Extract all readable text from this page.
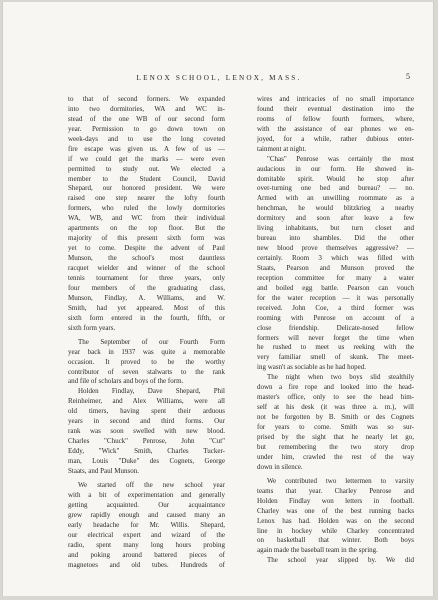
LENOX SCHOOL, LENOX, MASS.	5
to that of second formers. We expanded
into two dormitories, WA and WC in-
stead of the one WB of our second form
year. Permission to go down town on
week-days and to use the long coveted
fire escape was given us. A few of us —
if we could get the marks — were even
permitted to study out. We elected a
member to the Student Council, David
Shepard, our honored president. We were
raised one step nearer the lofty fourth
formers, who ruled the lowly dormitories
WA, WB, and WC from their individual
apartments on the top floor. But the
majority of this present sixth form was
yet to come. Despite the advent of Paul
Munson, the school's most dauntless
racquet wielder and winner of the school
tennis tournament for three years, only
four members of the graduating class,
Munson, Findlay, A. Williams, and W.
Smith, had yet appeared. Most of this
sixth form entered in the fourth, fifth, or
sixth form years.
The September of our Fourth Form
year back in 1937 was quite a memorable
occasion. It proved to be the worthy
contributor of seven stalwarts to the rank
and file of scholars and boys of the form.
Holden Findlay, Dave Shepard, Phil
Reinheimer, and Alex Williams, were all
old timers, having spent their arduous
years in second and third forms. Our
rank was soon swelled with new blood.
Charles "Chuck" Penrose, John "Cut"
Eddy, "Wick" Smith, Charles Tucker-
man, Louis "Duke" des Cognets, George
Staats, and Paul Munson.
We started off the new school year
with a bit of experimentation and generally
getting acquainted. Our acquaintance
grew rapidly enough and caused many an
early headache for Mr. Willis. Shepard,
our electrical expert and wizard of the
radio, spent many long hours probing
and poking around battered pieces of
magnetoes and old tubes. Hundreds of
wires and intricacies of no small importance
found their eventual destination into the
rooms of fellow fourth formers, where,
with the assistance of ear phones we en-
joyed, for a while, rather dubious enter-
tainment at night.
"Chas" Penrose was certainly the most
audacious in our form. He showed in-
domitable spirit. Would he stop after
over-turning one bed and bureau? — no.
Armed with an unwilling roommate as a
henchman, he would blitzkrieg a nearby
dormitory and soon after leave a few
living inhabitants, but turn closet and
bureau into shambles. Did the other
new blood prove themselves aggressive? —
certainly. Room 3 which was filled with
Staats, Pearson and Munson proved the
reception committee for many a water
and boiled egg battle. Pearson can vouch
for the water reception — it was personally
received. John Coe, a third former was
rooming with Penrose on account of a
close friendship. Delicate-nosed fellow
formers will never forget the time when
he rushed to meet us reeking with the
very familiar smell of skunk. The meet-
ing wasn't as sociable as he had hoped.
The night when two boys slid stealthily
down a fire rope and looked into the head-
master's office, only to see the head him-
self at his desk (it was three a. m.), will
not be forgotten by B. Smith or des Cognets
for years to come. Smith was so sur-
prised by the sight that he nearly let go,
but remembering the two story drop
under him, crawled the rest of the way
down in silence.
We contributed two lettermen to varsity
teams that year. Charley Penrose and
Holden Findlay won letters in football.
Charley was one of the best running backs
Lenox has had. Holden was on the second
line in hockey while Charley concentrated
on basketball that winter. Both boys
again made the baseball team in the spring.
The school year slipped by. We did
